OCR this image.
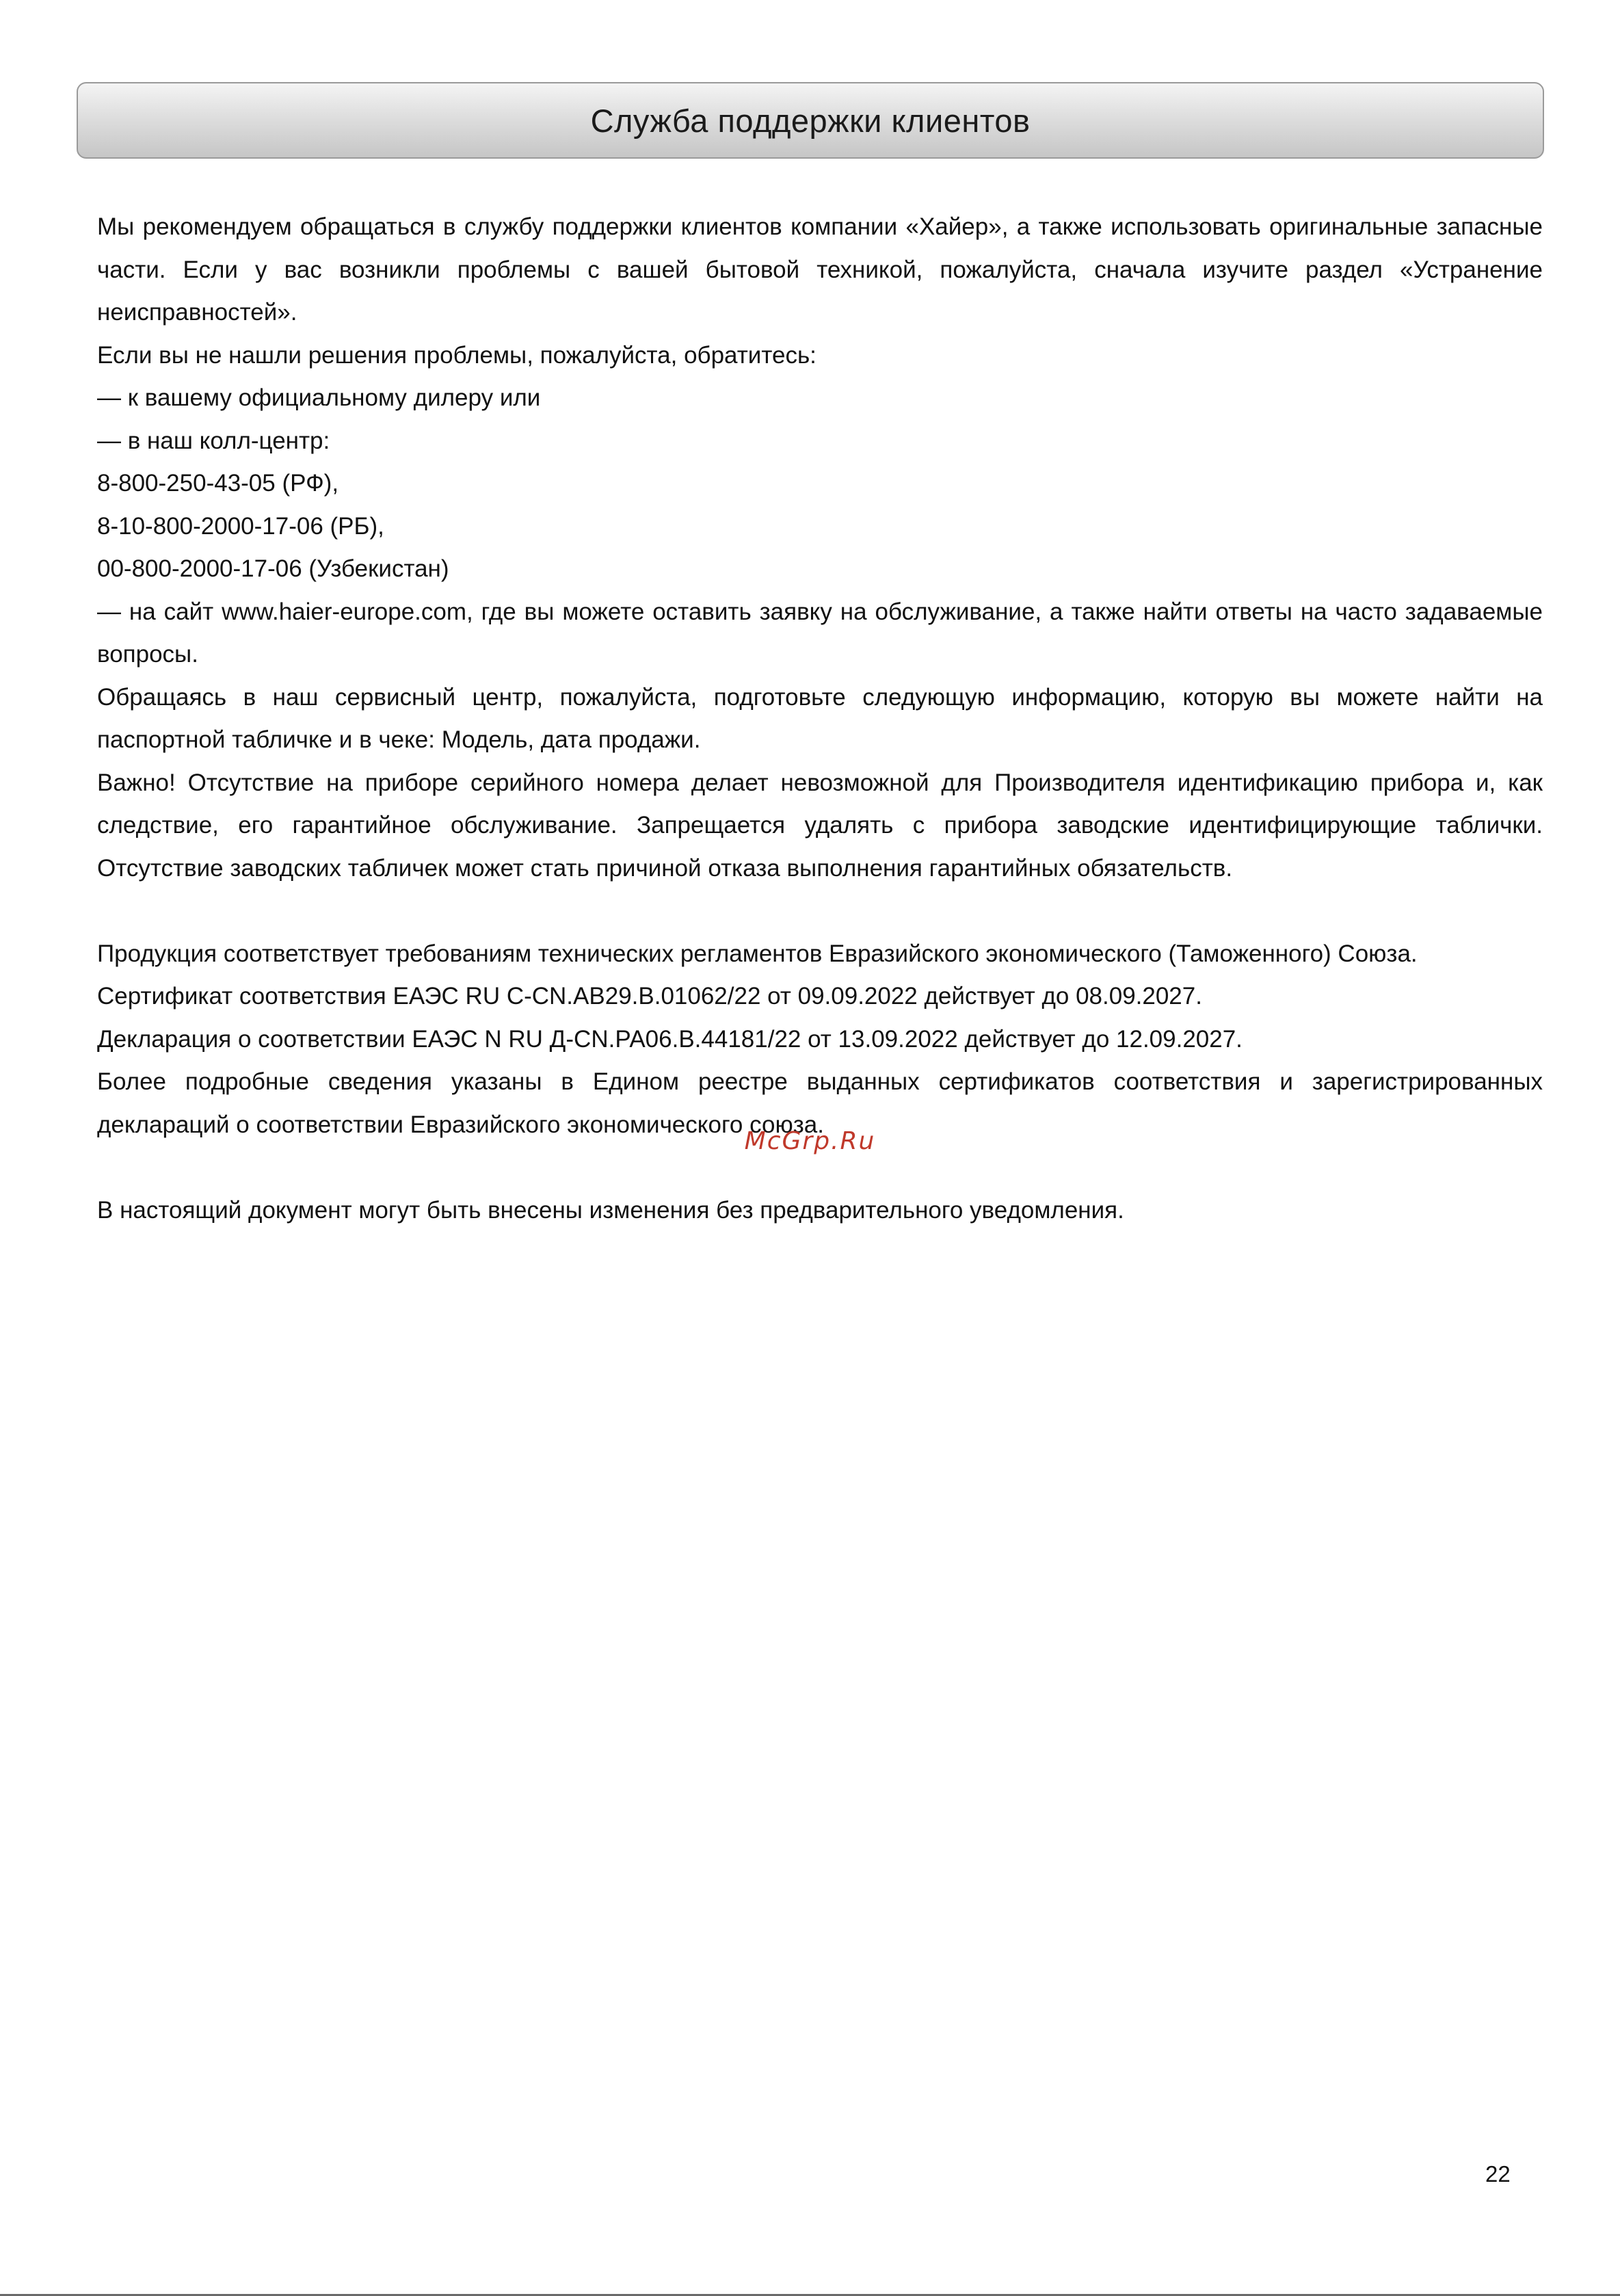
Служба поддержки клиентов

Мы рекомендуем обращаться в службу поддержки клиентов компании «Хайер», а также использовать оригинальные запасные части. Если у вас возникли проблемы с вашей бытовой техникой, пожалуйста, сначала изучите раздел «Устранение неисправностей».

Если вы не нашли решения проблемы, пожалуйста, обратитесь:

— к вашему официальному дилеру или

— в наш колл-центр:

8-800-250-43-05 (РФ),

8-10-800-2000-17-06 (РБ),

00-800-2000-17-06 (Узбекистан)

— на сайт www.haier-europe.com, где вы можете оставить заявку на обслуживание, а также найти ответы на часто задаваемые вопросы.

Обращаясь в наш сервисный центр, пожалуйста, подготовьте следующую информацию, которую вы можете найти на паспортной табличке и в чеке: Модель, дата продажи.

Важно! Отсутствие на приборе серийного номера делает невозможной для Производителя идентификацию прибора и, как следствие, его гарантийное обслуживание. Запрещается удалять с прибора заводские идентифицирующие таблички. Отсутствие заводских табличек может стать причиной отказа выполнения гарантийных обязательств.

Продукция соответствует требованиям технических регламентов Евразийского экономического (Таможенного) Союза.

Сертификат соответствия ЕАЭС RU C-CN.АВ29.В.01062/22 от 09.09.2022 действует до 08.09.2027.

Декларация о соответствии ЕАЭС N RU Д-CN.РА06.В.44181/22 от 13.09.2022 действует до 12.09.2027.

Более подробные сведения указаны в Едином реестре выданных сертификатов соответствия и зарегистрированных деклараций о соответствии Евразийского экономического союза.

В настоящий документ могут быть внесены изменения без предварительного уведомления.

McGrp.Ru
22
